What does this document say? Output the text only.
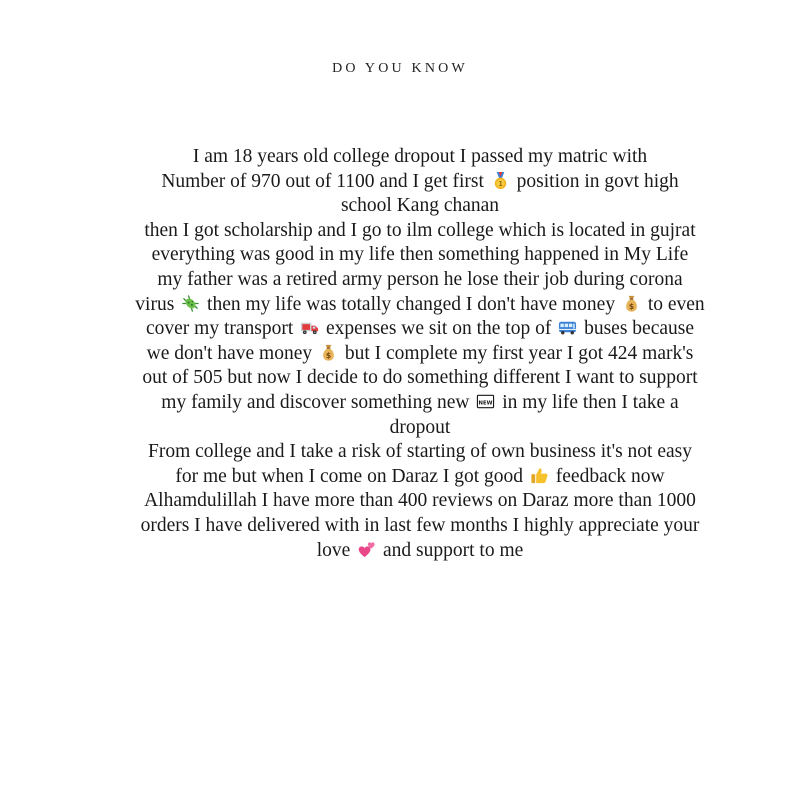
DO YOU KNOW
I am 18 years old college dropout I passed my matric with
Number of 970 out of 1100 and I get first 1 position in govt high
school Kang chanan
then I got scholarship and I go to ilm college which is located in gujrat
everything was good in my life then something happened in My Life
my father was a retired army person he lose their job during corona
virus
then my life was totally changed I don't have money $ to even
cover my transport
expenses we sit on the top of
buses because
we don't have money $ but I complete my first year I got 424 mark's
out of 505 but now I decide to do something different I want to support
my family and discover something new NEW in my life then I take a
dropout
From college and I take a risk of starting of own business it's not easy
for me but when I come on Daraz I got good
feedback now
Alhamdulillah I have more than 400 reviews on Daraz more than 1000
orders I have delivered with in last few months I highly appreciate your
love
and support to me
